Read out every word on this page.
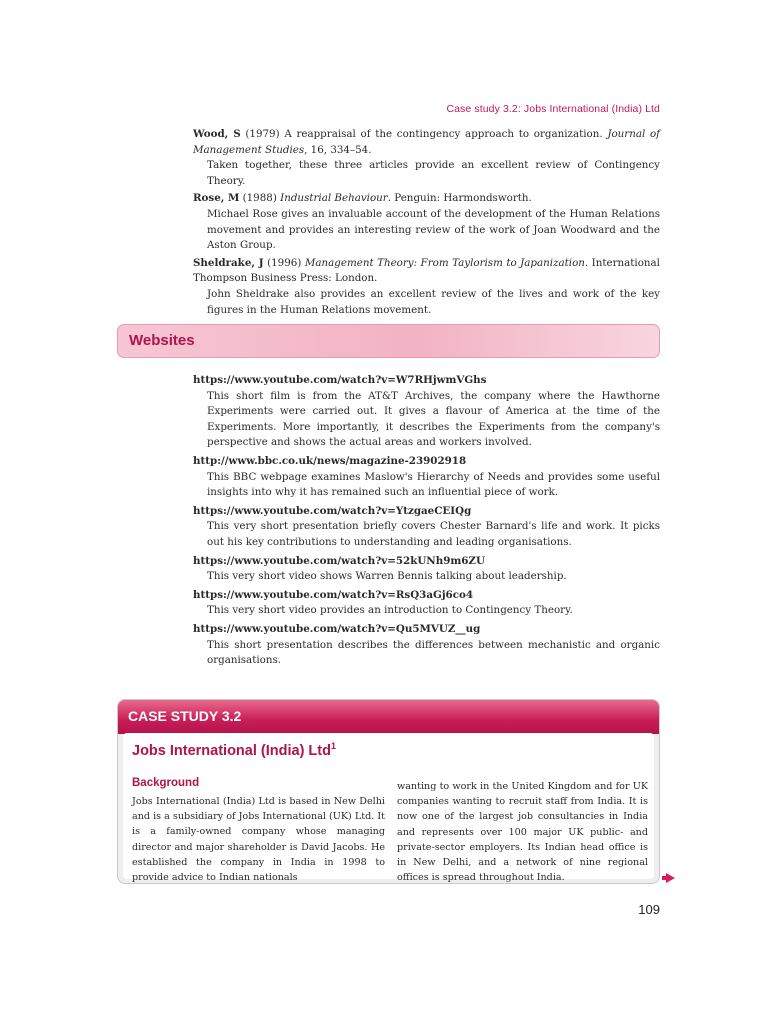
Case study 3.2: Jobs International (India) Ltd
Wood, S (1979) A reappraisal of the contingency approach to organization. Journal of Management Studies, 16, 334–54.
Taken together, these three articles provide an excellent review of Contingency Theory.
Rose, M (1988) Industrial Behaviour. Penguin: Harmondsworth.
Michael Rose gives an invaluable account of the development of the Human Relations movement and provides an interesting review of the work of Joan Woodward and the Aston Group.
Sheldrake, J (1996) Management Theory: From Taylorism to Japanization. International Thompson Business Press: London.
John Sheldrake also provides an excellent review of the lives and work of the key figures in the Human Relations movement.
Websites
https://www.youtube.com/watch?v=W7RHjwmVGhs
This short film is from the AT&T Archives, the company where the Hawthorne Experiments were carried out. It gives a flavour of America at the time of the Experiments. More importantly, it describes the Experiments from the company's perspective and shows the actual areas and workers involved.
http://www.bbc.co.uk/news/magazine-23902918
This BBC webpage examines Maslow's Hierarchy of Needs and provides some useful insights into why it has remained such an influential piece of work.
https://www.youtube.com/watch?v=YtzgaeCEIQg
This very short presentation briefly covers Chester Barnard's life and work. It picks out his key contributions to understanding and leading organisations.
https://www.youtube.com/watch?v=52kUNh9m6ZU
This very short video shows Warren Bennis talking about leadership.
https://www.youtube.com/watch?v=RsQ3aGj6co4
This very short video provides an introduction to Contingency Theory.
https://www.youtube.com/watch?v=Qu5MVUZ__ug
This short presentation describes the differences between mechanistic and organic organisations.
CASE STUDY 3.2
Jobs International (India) Ltd$^1$
Background
Jobs International (India) Ltd is based in New Delhi and is a subsidiary of Jobs International (UK) Ltd. It is a family-owned company whose managing director and major shareholder is David Jacobs. He established the company in India in 1998 to provide advice to Indian nationals
wanting to work in the United Kingdom and for UK companies wanting to recruit staff from India. It is now one of the largest job consultancies in India and represents over 100 major UK public- and private-sector employers. Its Indian head office is in New Delhi, and a network of nine regional offices is spread throughout India.
109
